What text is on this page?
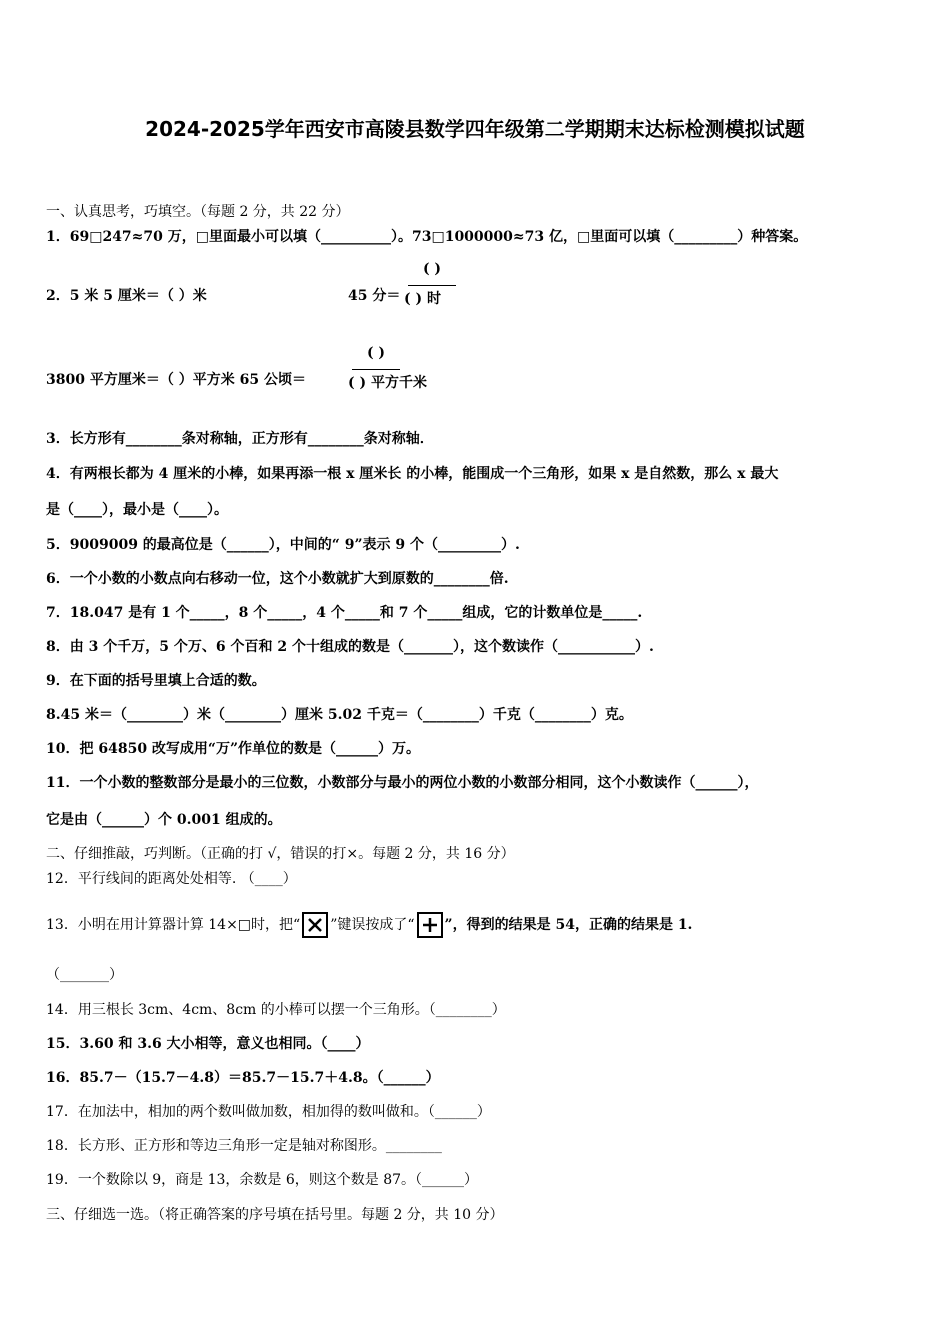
2024-2025学年西安市高陵县数学四年级第二学期期末达标检测模拟试题
一、认真思考，巧填空。（每题 2 分，共 22 分）
1．69□247≈70 万，□里面最小可以填（__________）。73□1000000≈73 亿，□里面可以填（_________）种答案。
2．5 米 5 厘米＝（ ）米	45 分＝
( )
( ) 时
3800 平方厘米＝（ ）平方米 65 公顷＝
( )
( ) 平方千米
3．长方形有________条对称轴，正方形有________条对称轴．
4．有两根长都为 4 厘米的小棒，如果再添一根 x 厘米长 的小棒，能围成一个三角形，如果 x 是自然数，那么 x 最大
是（____），最小是（____）。
5．9009009 的最高位是（______），中间的“ 9”表示 9 个（_________）.
6．一个小数的小数点向右移动一位，这个小数就扩大到原数的________倍.
7．18.047 是有 1 个_____，8 个_____，4 个_____和 7 个_____组成，它的计数单位是_____.
8．由 3 个千万，5 个万、6 个百和 2 个十组成的数是（_______），这个数读作（___________）.
9．在下面的括号里填上合适的数。
8.45 米＝（________）米（________）厘米 5.02 千克＝（________）千克（________）克。
10．把 64850 改写成用“万”作单位的数是（______）万。
11．一个小数的整数部分是最小的三位数，小数部分与最小的两位小数的小数部分相同，这个小数读作（______），
它是由（______）个 0.001 组成的。
二、仔细推敲，巧判断。（正确的打 √，错误的打×。每题 2 分，共 16 分）
12．平行线间的距离处处相等. （____）
13．小明在用计算器计算 14×□时，把“ ”键误按成了“ ”，得到的结果是 54，正确的结果是 1.
（_______）
14．用三根长 3cm、4cm、8cm 的小棒可以摆一个三角形。（________）
15．3.60 和 3.6 大小相等，意义也相同。（____）
16．85.7－（15.7－4.8）＝85.7－15.7＋4.8。（______）
17．在加法中，相加的两个数叫做加数，相加得的数叫做和。（______）
18．长方形、正方形和等边三角形一定是轴对称图形。________
19．一个数除以 9，商是 13，余数是 6，则这个数是 87。（______）
三、仔细选一选。（将正确答案的序号填在括号里。每题 2 分，共 10 分）
